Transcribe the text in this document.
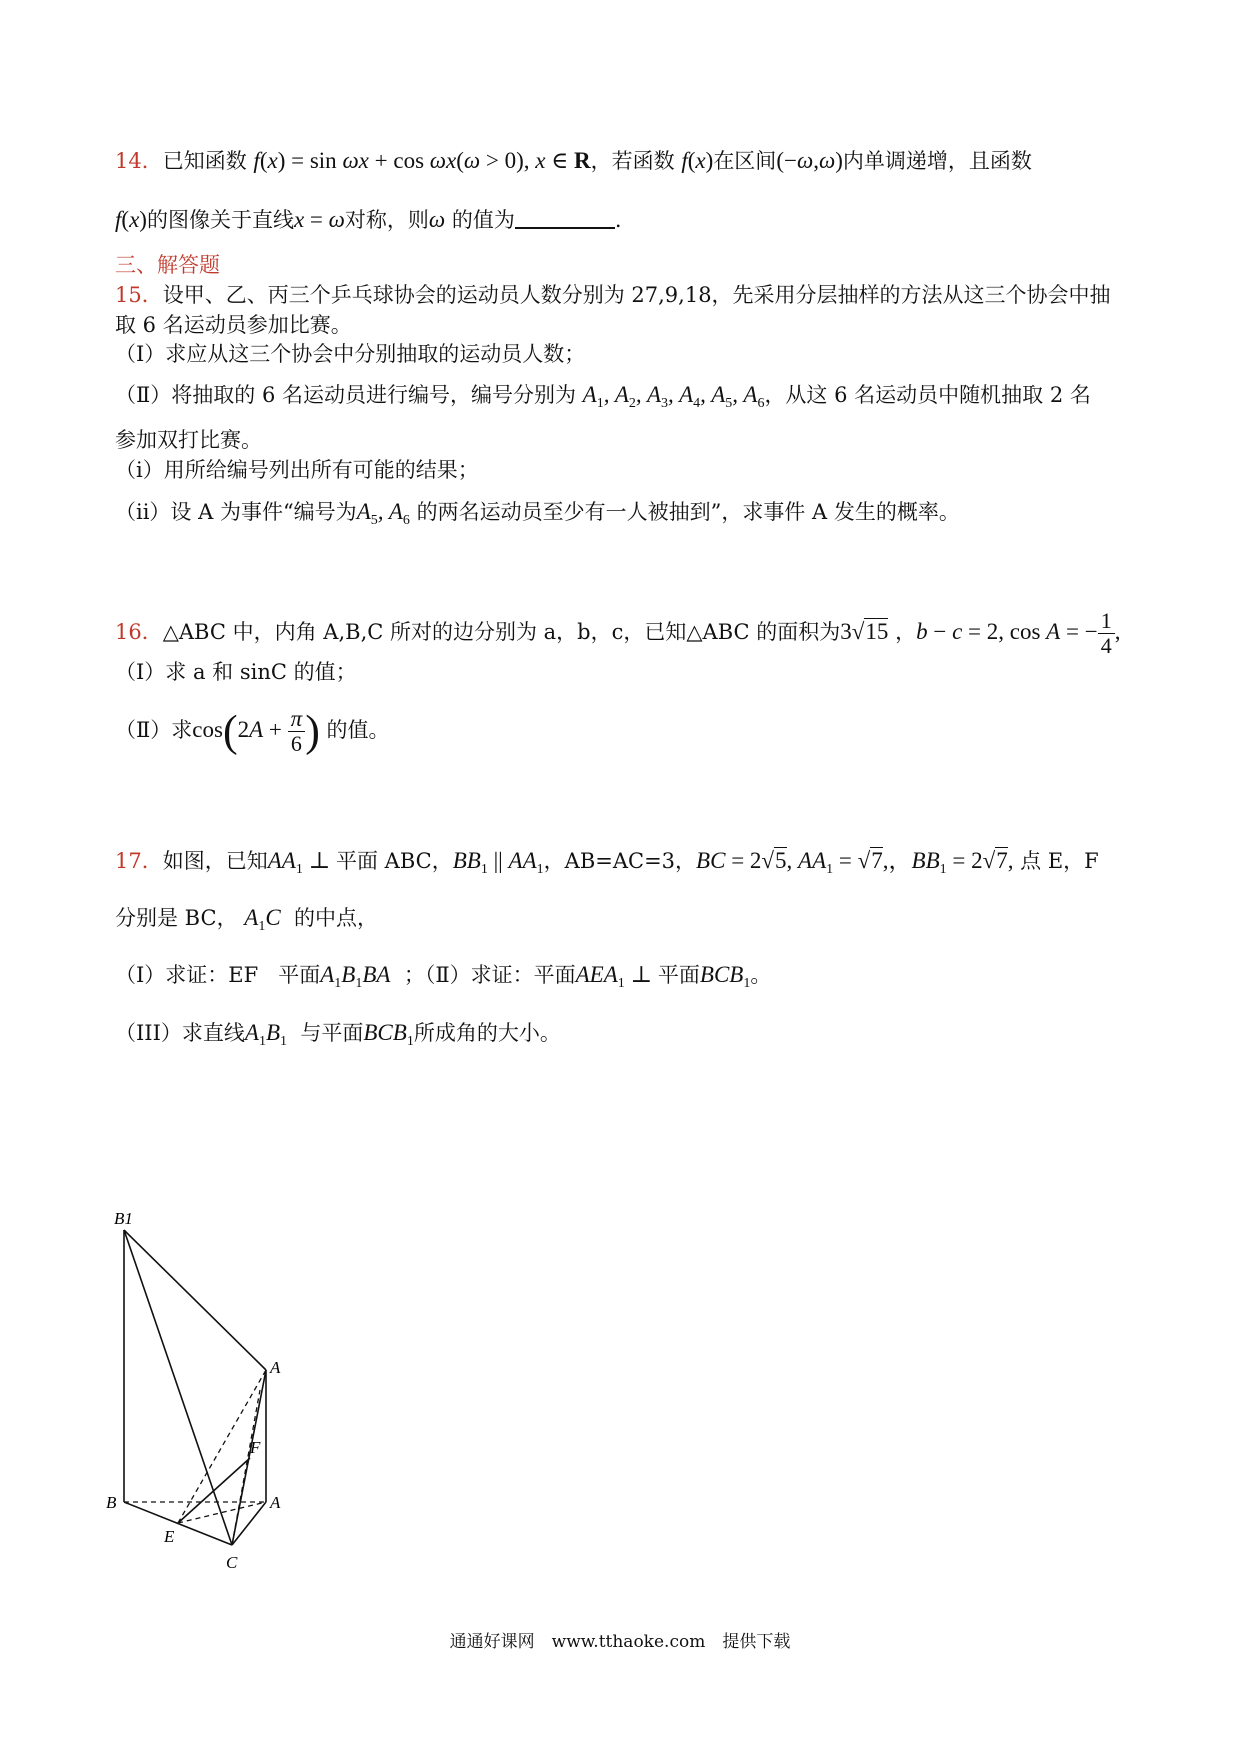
14．已知函数 f(x) = sin ωx + cos ωx(ω > 0), x ∈ R，若函数 f(x)在区间(−ω,ω)内单调递增，且函数
f(x)的图像关于直线x = ω对称，则ω 的值为	.
三、解答题
15．设甲、乙、丙三个乒乓球协会的运动员人数分别为 27,9,18，先采用分层抽样的方法从这三个协会中抽
取 6 名运动员参加比赛。
（Ⅰ）求应从这三个协会中分别抽取的运动员人数；
（Ⅱ）将抽取的 6 名运动员进行编号，编号分别为 $A_1$, $A_2$, $A_3$, $A_4$, $A_5$, $A_6$，从这 6 名运动员中随机抽取 2 名
参加双打比赛。
（i）用所给编号列出所有可能的结果；
（ii）设 A 为事件“编号为$A_5$, $A_6$ 的两名运动员至少有一人被抽到”，求事件 A 发生的概率。
16．△ABC 中，内角 A,B,C 所对的边分别为 a，b，c，已知△ABC 的面积为3√15 ，b − c = 2, cos A = − $\frac{1}{4}$ ,
（Ⅰ）求 a 和 sinC 的值；
（Ⅱ）求$\cos(2A + \frac{\pi}{6}$ ) 的值。
17．如图，已知$AA_1$ ⊥ 平面 ABC，$BB_1$ || $AA_1$，AB=AC=3，BC = 2√5, $AA_1 = √7$,，$BB_1 = 2√7$, 点 E，F
分别是 BC， $A_1C$ 的中点，
（Ⅰ）求证：EF 平面$A_1B_1BA$ ；（Ⅱ）求证：平面$AEA_1$ ⊥ 平面$BCB_1$。
（III）求直线$A_1B_1$ 与平面$BCB_1$所成角的大小。
B1
A
F
B	A
E
C
通通好课网　www.tthaoke.com　提供下载
